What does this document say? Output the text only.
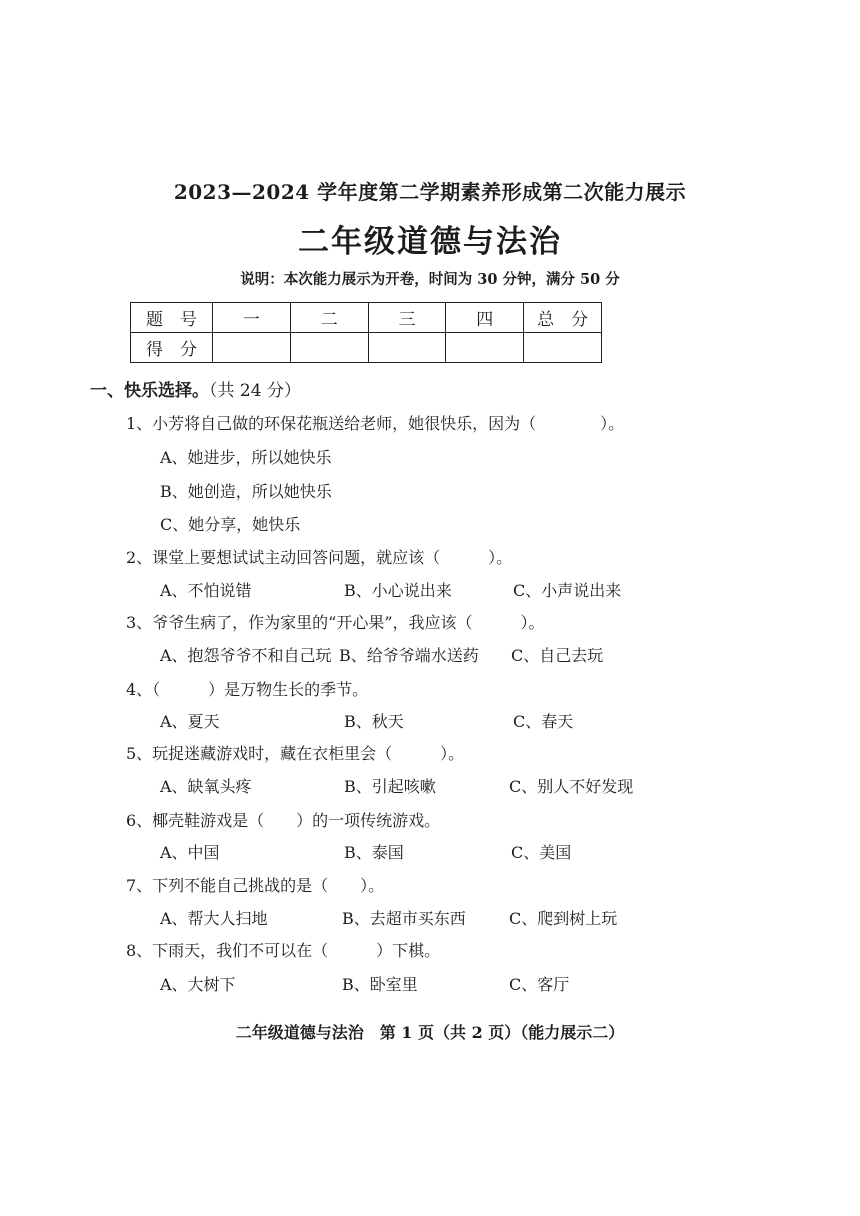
2023—2024 学年度第二学期素养形成第二次能力展示
二年级道德与法治
说明：本次能力展示为开卷，时间为 30 分钟，满分 50 分
题　号	一	二	三	四	总　分
得　分					
一、快乐选择。（共 24 分）
1、小芳将自己做的环保花瓶送给老师，她很快乐，因为（　　　　）。
A、她进步，所以她快乐
B、她创造，所以她快乐
C、她分享，她快乐
2、课堂上要想试试主动回答问题，就应该（　　　）。
A、不怕说错	B、小心说出来	C、小声说出来
3、爷爷生病了，作为家里的“开心果”，我应该（　　　）。
A、抱怨爷爷不和自己玩 B、给爷爷端水送药 C、自己去玩
4、（　　　）是万物生长的季节。
A、夏天	B、秋天	C、春天
5、玩捉迷藏游戏时，藏在衣柜里会（　　　）。
A、缺氧头疼	B、引起咳嗽	C、别人不好发现
6、椰壳鞋游戏是（　　）的一项传统游戏。
A、中国	B、泰国	C、美国
7、下列不能自己挑战的是（　　）。
A、帮大人扫地	B、去超市买东西	C、爬到树上玩
8、下雨天，我们不可以在（　　　）下棋。
A、大树下	B、卧室里	C、客厅
二年级道德与法治　第 1 页（共 2 页）（能力展示二）
